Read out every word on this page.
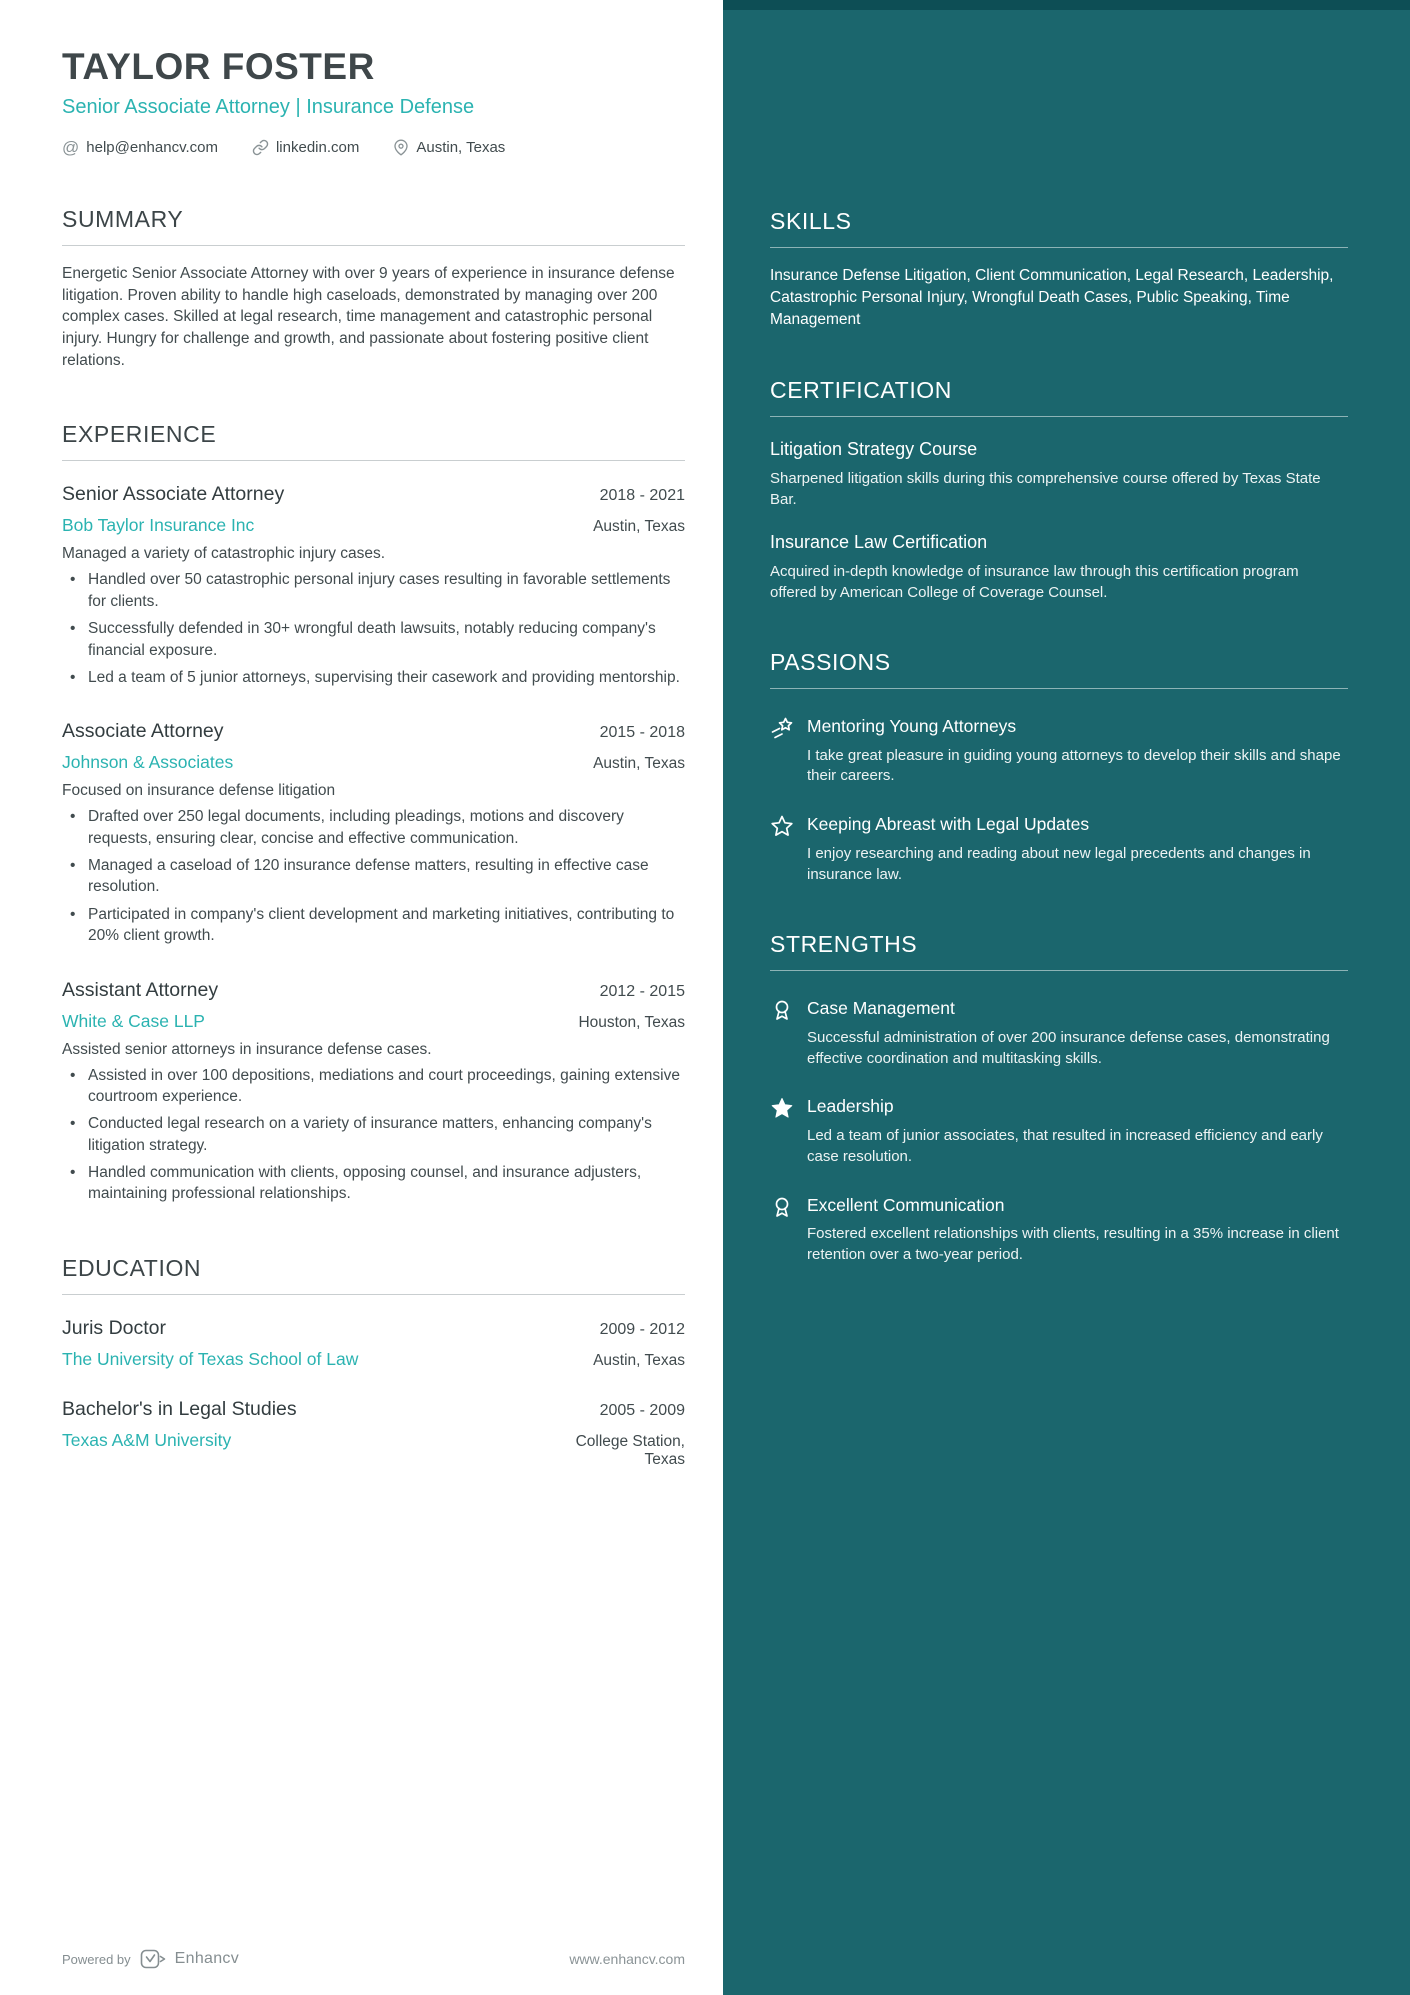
SKILLS

Insurance Defense Litigation, Client Communication, Legal Research, Leadership, Catastrophic Personal Injury, Wrongful Death Cases, Public Speaking, Time Management

CERTIFICATION
Litigation Strategy Course

Sharpened litigation skills during this comprehensive course offered by Texas State Bar.

Insurance Law Certification

Acquired in-depth knowledge of insurance law through this certification program offered by American College of Coverage Counsel.

PASSIONS
Mentoring Young Attorneys

I take great pleasure in guiding young attorneys to develop their skills and shape their careers.

Keeping Abreast with Legal Updates

I enjoy researching and reading about new legal precedents and changes in insurance law.

STRENGTHS
Case Management

Successful administration of over 200 insurance defense cases, demonstrating effective coordination and multitasking skills.

Leadership

Led a team of junior associates, that resulted in increased efficiency and early case resolution.

Excellent Communication

Fostered excellent relationships with clients, resulting in a 35% increase in client retention over a two-year period.

TAYLOR FOSTER

Senior Associate Attorney | Insurance Defense

@ help@enhancv.com	linkedin.com	Austin, Texas
SUMMARY

Energetic Senior Associate Attorney with over 9 years of experience in insurance defense litigation. Proven ability to handle high caseloads, demonstrated by managing over 200 complex cases. Skilled at legal research, time management and catastrophic personal injury. Hungry for challenge and growth, and passionate about fostering positive client relations.

EXPERIENCE
Senior Associate Attorney	2018 - 2021
Bob Taylor Insurance Inc	Austin, Texas

Managed a variety of catastrophic injury cases.

• Handled over 50 catastrophic personal injury cases resulting in favorable settlements for clients.
• Successfully defended in 30+ wrongful death lawsuits, notably reducing company's financial exposure.
• Led a team of 5 junior attorneys, supervising their casework and providing mentorship.
Associate Attorney	2015 - 2018
Johnson & Associates	Austin, Texas

Focused on insurance defense litigation

• Drafted over 250 legal documents, including pleadings, motions and discovery requests, ensuring clear, concise and effective communication.
• Managed a caseload of 120 insurance defense matters, resulting in effective case resolution.
• Participated in company's client development and marketing initiatives, contributing to 20% client growth.
Assistant Attorney	2012 - 2015
White & Case LLP	Houston, Texas

Assisted senior attorneys in insurance defense cases.

• Assisted in over 100 depositions, mediations and court proceedings, gaining extensive courtroom experience.
• Conducted legal research on a variety of insurance matters, enhancing company's litigation strategy.
• Handled communication with clients, opposing counsel, and insurance adjusters, maintaining professional relationships.
EDUCATION
Juris Doctor	2009 - 2012
The University of Texas School of Law	Austin, Texas
Bachelor's in Legal Studies	2005 - 2009
Texas A&M University	College Station, Texas
Powered by	Enhancv	www.enhancv.com
